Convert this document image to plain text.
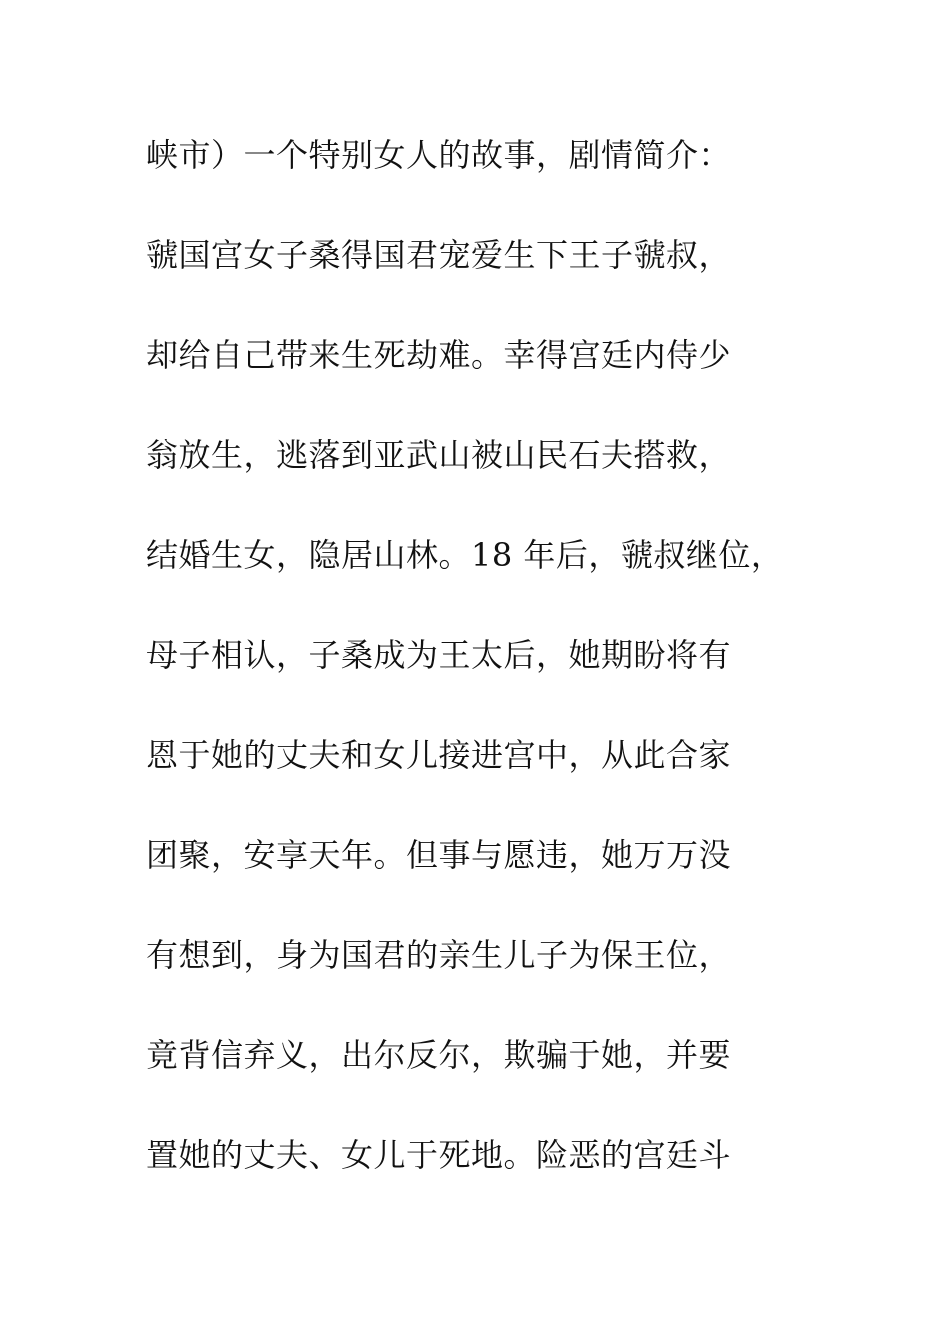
峡市）一个特别女人的故事，剧情简介：
虢国宫女子桑得国君宠爱生下王子虢叔，
却给自己带来生死劫难。幸得宫廷内侍少
翁放生，逃落到亚武山被山民石夫搭救，
结婚生女，隐居山林。18 年后，虢叔继位，
母子相认，子桑成为王太后，她期盼将有
恩于她的丈夫和女儿接进宫中，从此合家
团聚，安享天年。但事与愿违，她万万没
有想到，身为国君的亲生儿子为保王位，
竟背信弃义，出尔反尔，欺骗于她，并要
置她的丈夫、女儿于死地。险恶的宫廷斗
